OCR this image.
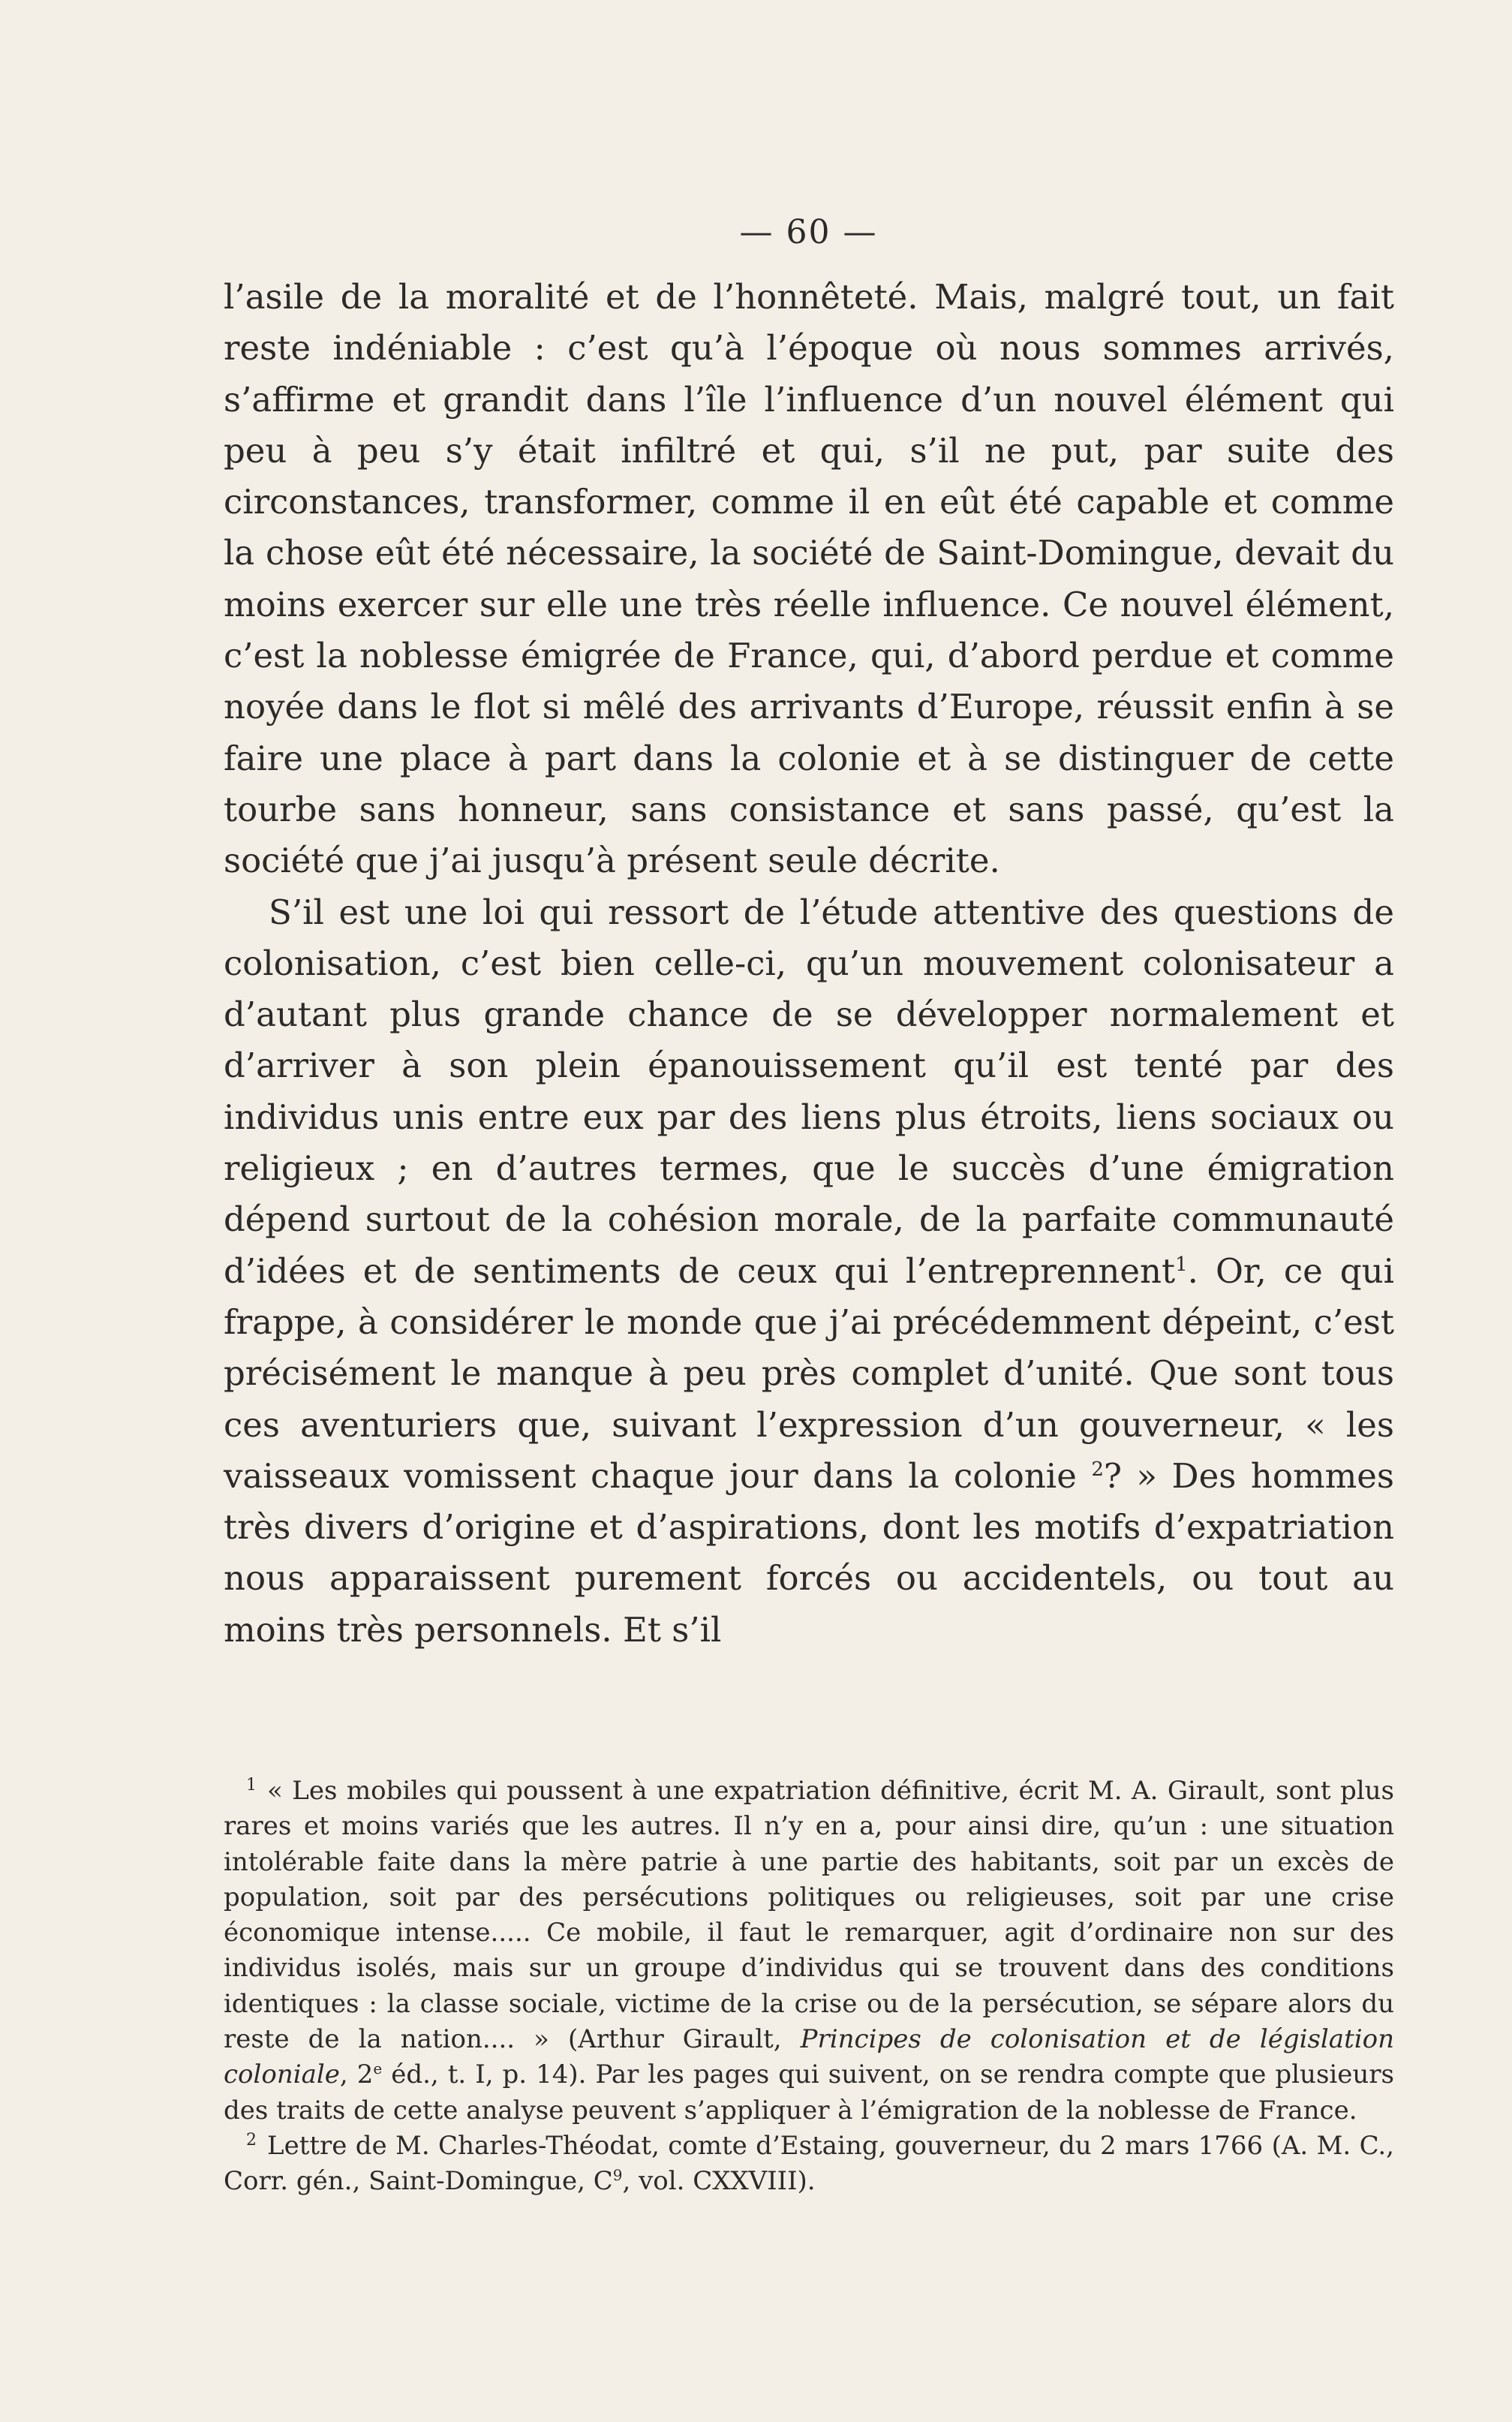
— 60 —

l’asile de la moralité et de l’honnêteté. Mais, malgré tout, un fait reste indéniable : c’est qu’à l’époque où nous sommes arrivés, s’affirme et grandit dans l’île l’influence d’un nouvel élément qui peu à peu s’y était infiltré et qui, s’il ne put, par suite des circonstances, transformer, comme il en eût été capable et comme la chose eût été nécessaire, la société de Saint-Domingue, devait du moins exercer sur elle une très réelle influence. Ce nouvel élément, c’est la noblesse émigrée de France, qui, d’abord perdue et comme noyée dans le flot si mêlé des arrivants d’Europe, réussit enfin à se faire une place à part dans la colonie et à se distinguer de cette tourbe sans honneur, sans consistance et sans passé, qu’est la société que j’ai jusqu’à présent seule décrite.

S’il est une loi qui ressort de l’étude attentive des questions de colonisation, c’est bien celle-ci, qu’un mouvement colonisateur a d’autant plus grande chance de se développer normalement et d’arriver à son plein épanouissement qu’il est tenté par des individus unis entre eux par des liens plus étroits, liens sociaux ou religieux ; en d’autres termes, que le succès d’une émigration dépend surtout de la cohésion morale, de la parfaite communauté d’idées et de sentiments de ceux qui l’entreprennent$^1$. Or, ce qui frappe, à considérer le monde que j’ai précédemment dépeint, c’est précisément le manque à peu près complet d’unité. Que sont tous ces aventuriers que, suivant l’expression d’un gouverneur, « les vaisseaux vomissent chaque jour dans la colonie $^2$? » Des hommes très divers d’origine et d’aspirations, dont les motifs d’expatriation nous apparaissent purement forcés ou accidentels, ou tout au moins très personnels. Et s’il

$^1$ « Les mobiles qui poussent à une expatriation définitive, écrit M. A. Girault, sont plus rares et moins variés que les autres. Il n’y en a, pour ainsi dire, qu’un : une situation intolérable faite dans la mère patrie à une partie des habitants, soit par un excès de population, soit par des persécutions politiques ou religieuses, soit par une crise économique intense..... Ce mobile, il faut le remarquer, agit d’ordinaire non sur des individus isolés, mais sur un groupe d’individus qui se trouvent dans des conditions identiques : la classe sociale, victime de la crise ou de la persécution, se sépare alors du reste de la nation.... » (Arthur Girault, Principes de colonisation et de législation coloniale, 2e éd., t. I, p. 14). Par les pages qui suivent, on se rendra compte que plusieurs des traits de cette analyse peuvent s’appliquer à l’émigration de la noblesse de France.

$^2$ Lettre de M. Charles-Théodat, comte d’Estaing, gouverneur, du 2 mars 1766 (A. M. C., Corr. gén., Saint-Domingue, $C^9$, vol. CXXVIII).
